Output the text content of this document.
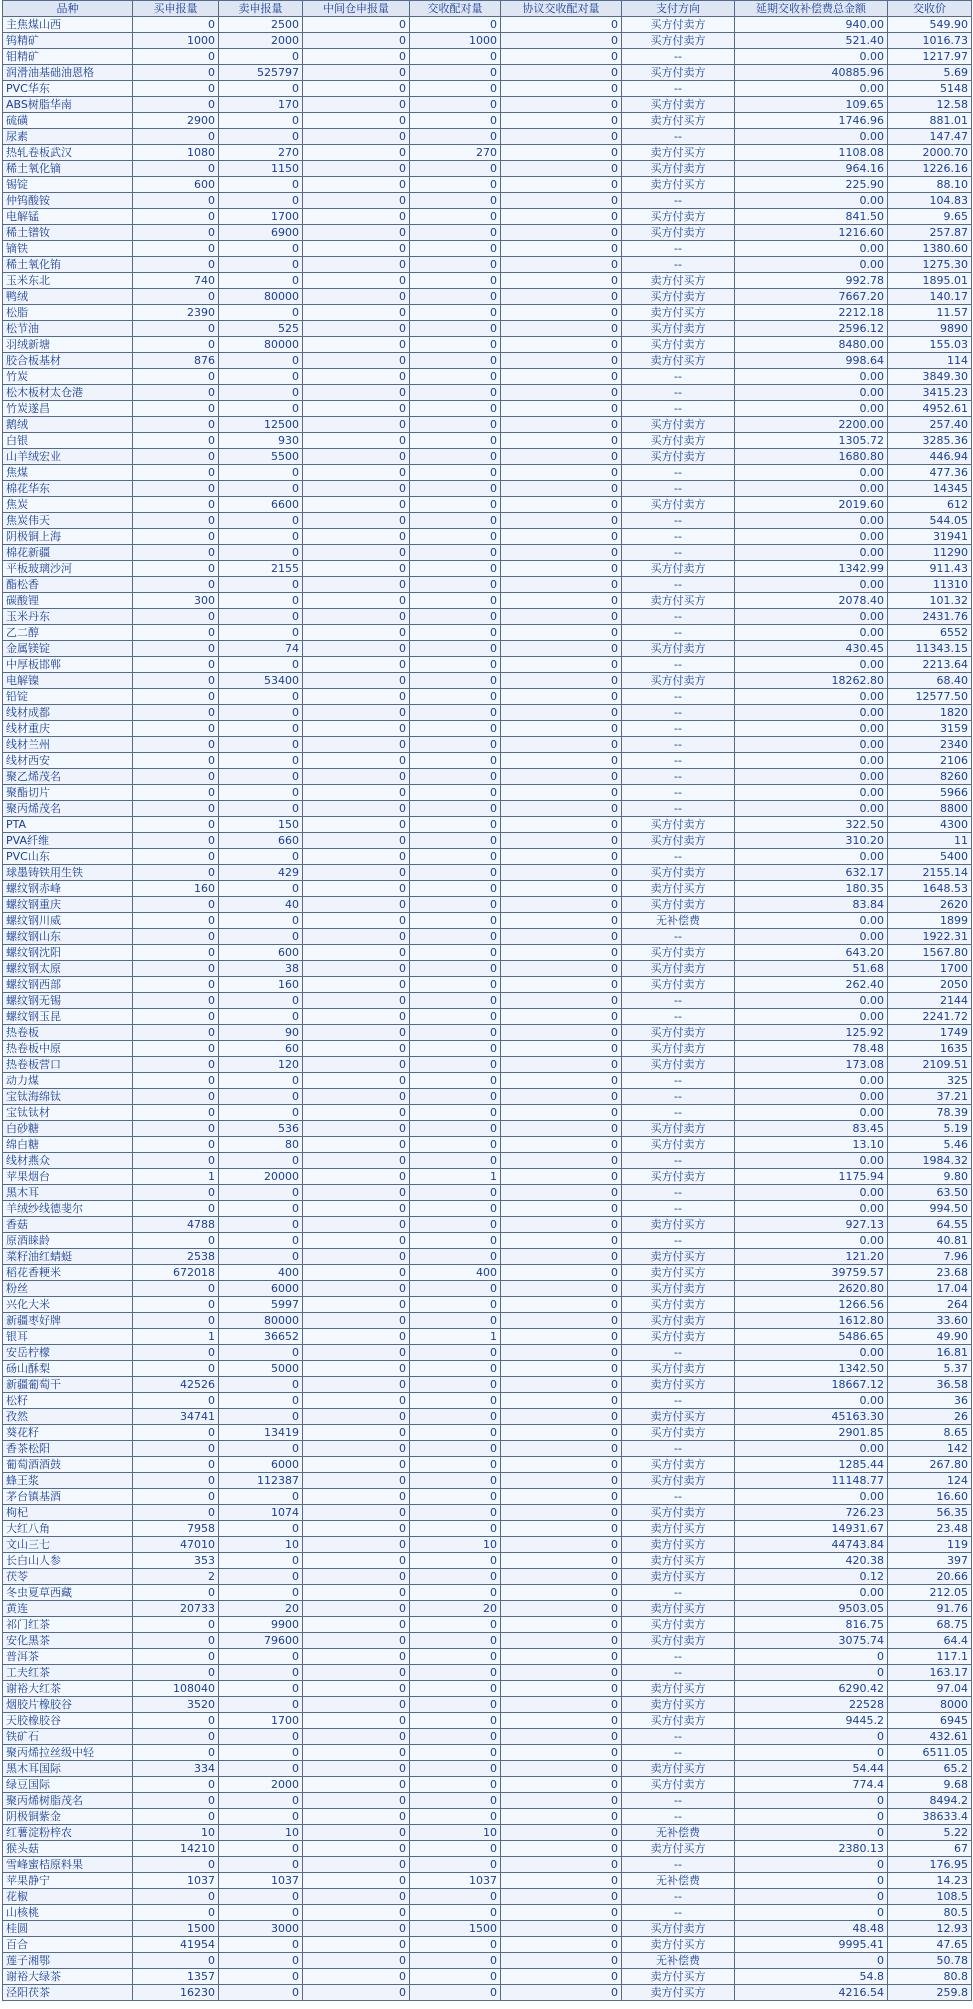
品种	买申报量	卖申报量	中间仓申报量	交收配对量	协议交收配对量	支付方向	延期交收补偿费总金额	交收价
主焦煤山西	0	2500	0	0	0	买方付卖方	940.00	549.90
钨精矿	1000	2000	0	1000	0	买方付卖方	521.40	1016.73
钼精矿	0	0	0	0	0	--	0.00	1217.97
润滑油基础油恩格	0	525797	0	0	0	买方付卖方	40885.96	5.69
PVC华东	0	0	0	0	0	--	0.00	5148
ABS树脂华南	0	170	0	0	0	买方付卖方	109.65	12.58
硫磺	2900	0	0	0	0	卖方付买方	1746.96	881.01
尿素	0	0	0	0	0	--	0.00	147.47
热轧卷板武汉	1080	270	0	270	0	卖方付买方	1108.08	2000.70
稀土氧化镝	0	1150	0	0	0	买方付卖方	964.16	1226.16
锡锭	600	0	0	0	0	卖方付买方	225.90	88.10
仲钨酸铵	0	0	0	0	0	--	0.00	104.83
电解锰	0	1700	0	0	0	买方付卖方	841.50	9.65
稀土镨钕	0	6900	0	0	0	买方付卖方	1216.60	257.87
镝铁	0	0	0	0	0	--	0.00	1380.60
稀土氧化铕	0	0	0	0	0	--	0.00	1275.30
玉米东北	740	0	0	0	0	卖方付买方	992.78	1895.01
鸭绒	0	80000	0	0	0	买方付卖方	7667.20	140.17
松脂	2390	0	0	0	0	卖方付买方	2212.18	11.57
松节油	0	525	0	0	0	买方付卖方	2596.12	9890
羽绒新塘	0	80000	0	0	0	买方付卖方	8480.00	155.03
胶合板基材	876	0	0	0	0	卖方付买方	998.64	114
竹炭	0	0	0	0	0	--	0.00	3849.30
松木板材太仓港	0	0	0	0	0	--	0.00	3415.23
竹炭遂昌	0	0	0	0	0	--	0.00	4952.61
鹅绒	0	12500	0	0	0	买方付卖方	2200.00	257.40
白银	0	930	0	0	0	买方付卖方	1305.72	3285.36
山羊绒宏业	0	5500	0	0	0	买方付卖方	1680.80	446.94
焦煤	0	0	0	0	0	--	0.00	477.36
棉花华东	0	0	0	0	0	--	0.00	14345
焦炭	0	6600	0	0	0	买方付卖方	2019.60	612
焦炭伟天	0	0	0	0	0	--	0.00	544.05
阴极铜上海	0	0	0	0	0	--	0.00	31941
棉花新疆	0	0	0	0	0	--	0.00	11290
平板玻璃沙河	0	2155	0	0	0	买方付卖方	1342.99	911.43
酯松香	0	0	0	0	0	--	0.00	11310
碳酸锂	300	0	0	0	0	卖方付买方	2078.40	101.32
玉米丹东	0	0	0	0	0	--	0.00	2431.76
乙二醇	0	0	0	0	0	--	0.00	6552
金属镁锭	0	74	0	0	0	买方付卖方	430.45	11343.15
中厚板邯郸	0	0	0	0	0	--	0.00	2213.64
电解镍	0	53400	0	0	0	买方付卖方	18262.80	68.40
铅锭	0	0	0	0	0	--	0.00	12577.50
线材成都	0	0	0	0	0	--	0.00	1820
线材重庆	0	0	0	0	0	--	0.00	3159
线材兰州	0	0	0	0	0	--	0.00	2340
线材西安	0	0	0	0	0	--	0.00	2106
聚乙烯茂名	0	0	0	0	0	--	0.00	8260
聚酯切片	0	0	0	0	0	--	0.00	5966
聚丙烯茂名	0	0	0	0	0	--	0.00	8800
PTA	0	150	0	0	0	买方付卖方	322.50	4300
PVA纤维	0	660	0	0	0	买方付卖方	310.20	11
PVC山东	0	0	0	0	0	--	0.00	5400
球墨铸铁用生铁	0	429	0	0	0	买方付卖方	632.17	2155.14
螺纹钢赤峰	160	0	0	0	0	卖方付买方	180.35	1648.53
螺纹钢重庆	0	40	0	0	0	买方付卖方	83.84	2620
螺纹钢川威	0	0	0	0	0	无补偿费	0.00	1899
螺纹钢山东	0	0	0	0	0	--	0.00	1922.31
螺纹钢沈阳	0	600	0	0	0	买方付卖方	643.20	1567.80
螺纹钢太原	0	38	0	0	0	买方付卖方	51.68	1700
螺纹钢西部	0	160	0	0	0	买方付卖方	262.40	2050
螺纹钢无锡	0	0	0	0	0	--	0.00	2144
螺纹钢玉昆	0	0	0	0	0	--	0.00	2241.72
热卷板	0	90	0	0	0	买方付卖方	125.92	1749
热卷板中原	0	60	0	0	0	买方付卖方	78.48	1635
热卷板营口	0	120	0	0	0	买方付卖方	173.08	2109.51
动力煤	0	0	0	0	0	--	0.00	325
宝钛海绵钛	0	0	0	0	0	--	0.00	37.21
宝钛钛材	0	0	0	0	0	--	0.00	78.39
白砂糖	0	536	0	0	0	买方付卖方	83.45	5.19
绵白糖	0	80	0	0	0	买方付卖方	13.10	5.46
线材燕众	0	0	0	0	0	--	0.00	1984.32
苹果烟台	1	20000	0	1	0	买方付卖方	1175.94	9.80
黑木耳	0	0	0	0	0	--	0.00	63.50
羊绒纱线德斐尔	0	0	0	0	0	--	0.00	994.50
香菇	4788	0	0	0	0	卖方付买方	927.13	64.55
原酒睐龄	0	0	0	0	0	--	0.00	40.81
菜籽油红蜻蜓	2538	0	0	0	0	卖方付买方	121.20	7.96
稻花香粳米	672018	400	0	400	0	卖方付买方	39759.57	23.68
粉丝	0	6000	0	0	0	买方付卖方	2620.80	17.04
兴化大米	0	5997	0	0	0	买方付卖方	1266.56	264
新疆枣好牌	0	80000	0	0	0	买方付卖方	1612.80	33.60
银耳	1	36652	0	1	0	买方付卖方	5486.65	49.90
安岳柠檬	0	0	0	0	0	--	0.00	16.81
砀山酥梨	0	5000	0	0	0	买方付卖方	1342.50	5.37
新疆葡萄干	42526	0	0	0	0	卖方付买方	18667.12	36.58
松籽	0	0	0	0	0	--	0.00	36
孜然	34741	0	0	0	0	卖方付买方	45163.30	26
葵花籽	0	13419	0	0	0	买方付卖方	2901.85	8.65
香茶松阳	0	0	0	0	0	--	0.00	142
葡萄酒酒鼓	0	6000	0	0	0	买方付卖方	1285.44	267.80
蜂王浆	0	112387	0	0	0	买方付卖方	11148.77	124
茅台镇基酒	0	0	0	0	0	--	0.00	16.60
枸杞	0	1074	0	0	0	买方付卖方	726.23	56.35
大红八角	7958	0	0	0	0	卖方付买方	14931.67	23.48
文山三七	47010	10	0	10	0	卖方付买方	44743.84	119
长白山人参	353	0	0	0	0	卖方付买方	420.38	397
茯苓	2	0	0	0	0	卖方付买方	0.12	20.66
冬虫夏草西藏	0	0	0	0	0	--	0.00	212.05
黄连	20733	20	0	20	0	卖方付买方	9503.05	91.76
祁门红茶	0	9900	0	0	0	买方付卖方	816.75	68.75
安化黑茶	0	79600	0	0	0	买方付卖方	3075.74	64.4
普洱茶	0	0	0	0	0	--	0	117.1
工夫红茶	0	0	0	0	0	--	0	163.17
谢裕大红茶	108040	0	0	0	0	卖方付买方	6290.42	97.04
烟胶片橡胶谷	3520	0	0	0	0	卖方付买方	22528	8000
天胶橡胶谷	0	1700	0	0	0	买方付卖方	9445.2	6945
铁矿石	0	0	0	0	0	--	0	432.61
聚丙烯拉丝级中轻	0	0	0	0	0	--	0	6511.05
黑木耳国际	334	0	0	0	0	卖方付买方	54.44	65.2
绿豆国际	0	2000	0	0	0	买方付卖方	774.4	9.68
聚丙烯树脂茂名	0	0	0	0	0	--	0	8494.2
阴极铜紫金	0	0	0	0	0	--	0	38633.4
红薯淀粉梓农	10	10	0	10	0	无补偿费	0	5.22
猴头菇	14210	0	0	0	0	卖方付买方	2380.13	67
雪峰蜜桔原料果	0	0	0	0	0	--	0	176.95
苹果静宁	1037	1037	0	1037	0	无补偿费	0	14.23
花椒	0	0	0	0	0	--	0	108.5
山核桃	0	0	0	0	0	--	0	80.5
桂圆	1500	3000	0	1500	0	买方付卖方	48.48	12.93
百合	41954	0	0	0	0	卖方付买方	9995.41	47.65
莲子湘鄂	0	0	0	0	0	无补偿费	0	50.78
谢裕大绿茶	1357	0	0	0	0	卖方付买方	54.8	80.8
泾阳茯茶	16230	0	0	0	0	卖方付买方	4216.54	259.8
